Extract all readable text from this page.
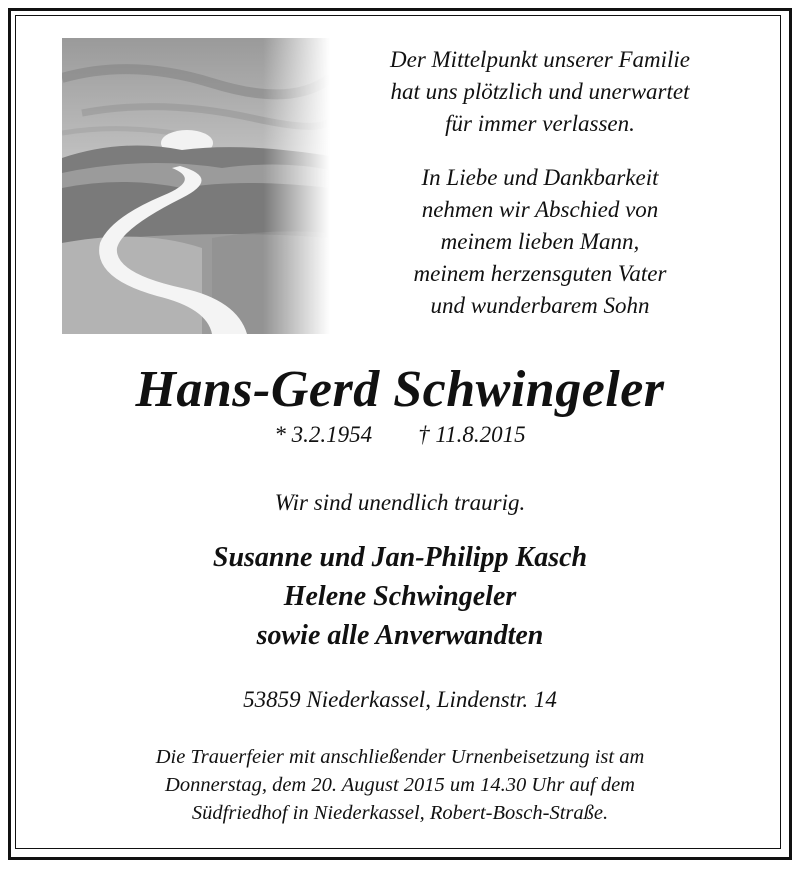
Der Mittelpunkt unserer Familie

hat uns plötzlich und unerwartet

für immer verlassen.

In Liebe und Dankbarkeit

nehmen wir Abschied von

meinem lieben Mann,

meinem herzensguten Vater

und wunderbarem Sohn

Hans-Gerd Schwingeler
* 3.2.1954 † 11.8.2015
Wir sind unendlich traurig.
Susanne und Jan-Philipp Kasch
Helene Schwingeler
sowie alle Anverwandten
53859 Niederkassel, Lindenstr. 14
Die Trauerfeier mit anschließender Urnenbeisetzung ist am
Donnerstag, dem 20. August 2015 um 14.30 Uhr auf dem
Südfriedhof in Niederkassel, Robert-Bosch-Straße.
